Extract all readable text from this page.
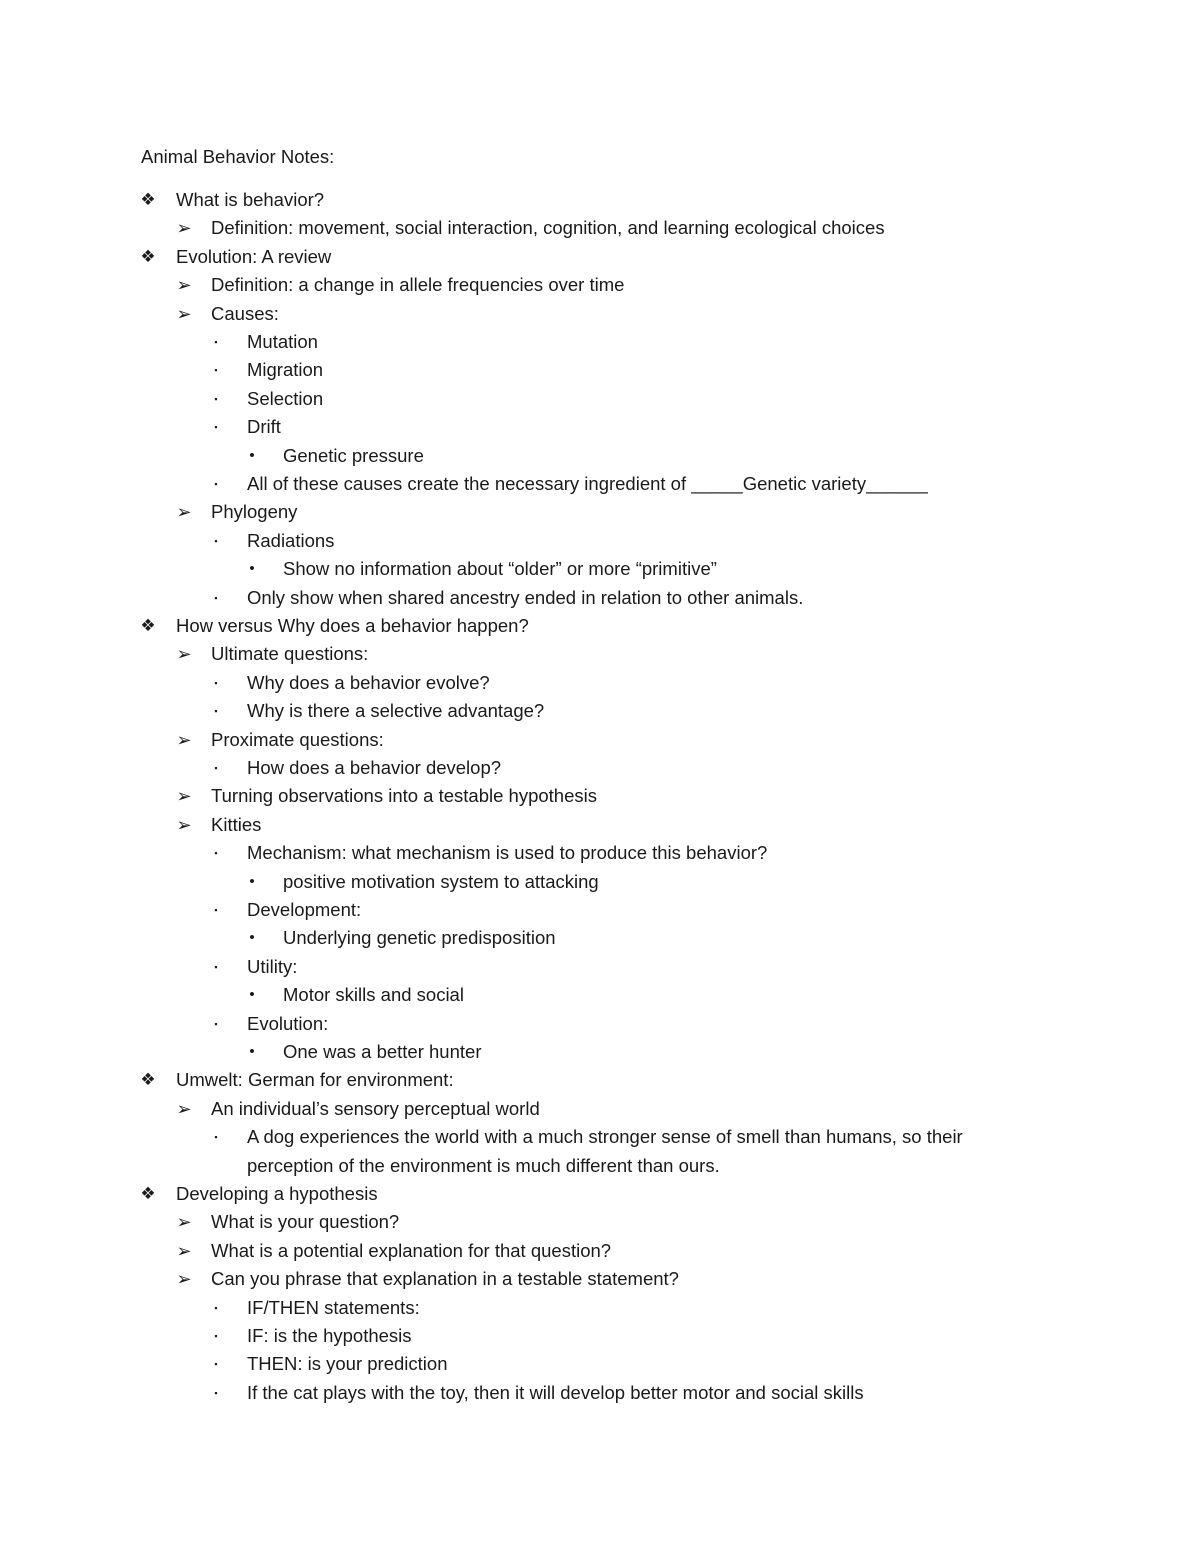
Animal Behavior Notes:
❖ What is behavior?
➢ Definition: movement, social interaction, cognition, and learning ecological choices
❖ Evolution: A review
➢ Definition: a change in allele frequencies over time
➢ Causes:
▪	Mutation
▪	Migration
▪	Selection
▪	Drift
•	Genetic pressure
▪	All of these causes create the necessary ingredient of _____Genetic variety______
➢ Phylogeny
▪	Radiations
•	Show no information about “older” or more “primitive”
▪	Only show when shared ancestry ended in relation to other animals.
❖ How versus Why does a behavior happen?
➢ Ultimate questions:
▪	Why does a behavior evolve?
▪	Why is there a selective advantage?
➢ Proximate questions:
▪	How does a behavior develop?
➢ Turning observations into a testable hypothesis
➢ Kitties
▪	Mechanism: what mechanism is used to produce this behavior?
•	positive motivation system to attacking
▪	Development:
•	Underlying genetic predisposition
▪	Utility:
•	Motor skills and social
▪	Evolution:
•	One was a better hunter
❖ Umwelt: German for environment:
➢ An individual’s sensory perceptual world
▪	A dog experiences the world with a much stronger sense of smell than humans, so their
perception of the environment is much different than ours.
❖ Developing a hypothesis
➢ What is your question?
➢ What is a potential explanation for that question?
➢ Can you phrase that explanation in a testable statement?
▪	IF/THEN statements:
▪	IF: is the hypothesis
▪	THEN: is your prediction
▪	If the cat plays with the toy, then it will develop better motor and social skills
